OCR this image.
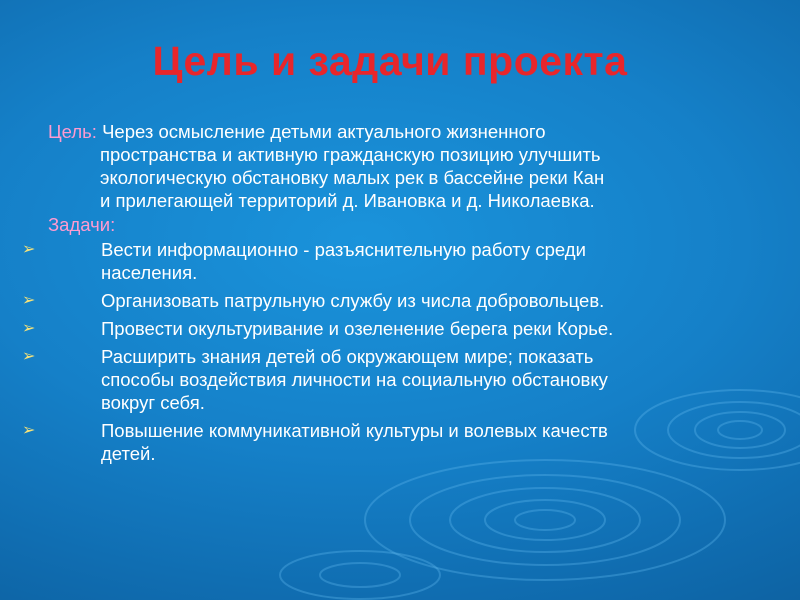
Цель и задачи проекта
Цель: Через осмысление детьми актуального жизненного
пространства и активную гражданскую позицию улучшить
экологическую обстановку малых рек в бассейне реки Кан
и прилегающей территорий д. Ивановка и д. Николаевка.
Задачи:
➢	Вести информационно - разъяснительную работу среди
населения.
➢	Организовать патрульную службу из числа добровольцев.
➢	Провести окультуривание и озеленение берега реки Корье.
➢	Расширить знания детей об окружающем мире; показать
способы воздействия личности на социальную обстановку
вокруг себя.
➢	Повышение коммуникативной культуры и волевых качеств
детей.
